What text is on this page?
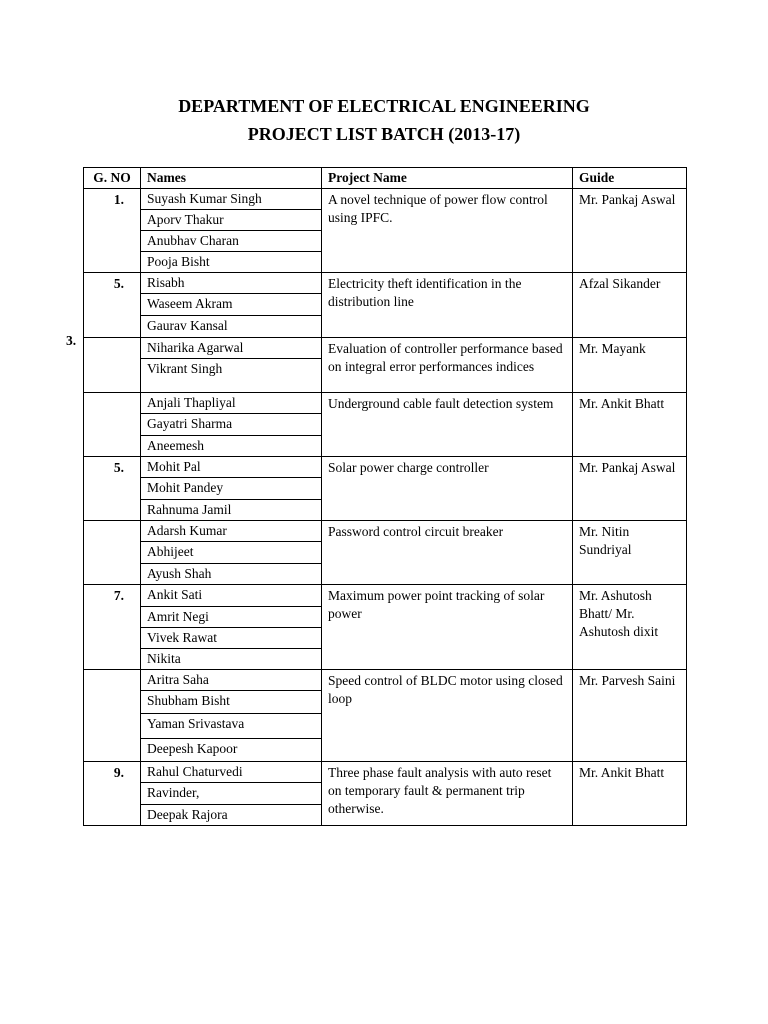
DEPARTMENT OF ELECTRICAL ENGINEERING
PROJECT LIST BATCH (2013-17)
3.
G. NO	Names	Project Name	Guide
1.	Suyash Kumar Singh	A novel technique of power flow control using IPFC.	Mr. Pankaj Aswal
	Aporv Thakur		
	Anubhav Charan		
	Pooja Bisht		
5.	Risabh	Electricity theft identification in the distribution line	Afzal Sikander
	Waseem Akram		
	Gaurav Kansal		
	Niharika Agarwal	Evaluation of controller performance based on integral error performances indices	Mr. Mayank
	Vikrant Singh		
	Anjali Thapliyal	Underground cable fault detection system	Mr. Ankit Bhatt
	Gayatri Sharma		
	Aneemesh		
5.	Mohit Pal	Solar power charge controller	Mr. Pankaj Aswal
	Mohit Pandey		
	Rahnuma Jamil		
	Adarsh Kumar	Password control circuit breaker	Mr. Nitin Sundriyal
	Abhijeet		
	Ayush Shah		
7.	Ankit Sati	Maximum power point tracking of solar power	Mr. Ashutosh Bhatt/ Mr. Ashutosh dixit
	Amrit Negi		
	Vivek Rawat		
	Nikita		
	Aritra Saha	Speed control of BLDC motor using closed loop	Mr. Parvesh Saini
	Shubham Bisht		
	Yaman Srivastava		
	Deepesh Kapoor		
9.	Rahul Chaturvedi	Three phase fault analysis with auto reset on temporary fault & permanent trip otherwise.	Mr. Ankit Bhatt
	Ravinder,		
	Deepak Rajora		
